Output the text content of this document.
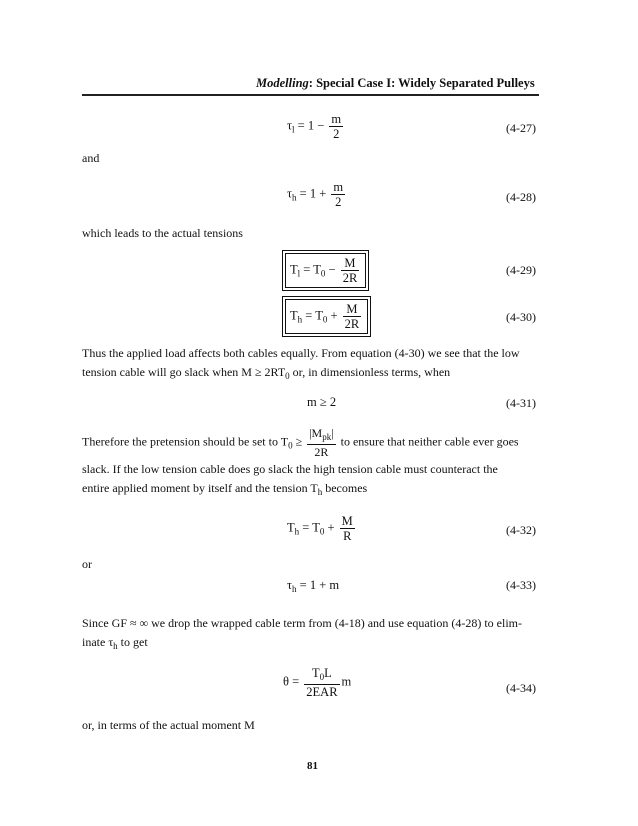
Modelling: Special Case I: Widely Separated Pulleys
$\tau_l = 1 - \frac{m}{2}$	(4-27)
and
$\tau_h = 1 + \frac{m}{2}$	(4-28)
which leads to the actual tensions
$T_l = T_0 - \frac{M}{2R}$	(4-29)
$T_h = T_0 + \frac{M}{2R}$	(4-30)
Thus the applied load affects both cables equally. From equation (4-30) we see that the low
tension cable will go slack when $M \ge 2RT_0$ or, in dimensionless terms, when
m ≥ 2	(4-31)
Therefore the pretension should be set to $T_0 \ge \frac{|M_{pk}|}{2R}$ to ensure that neither cable ever goes
slack. If the low tension cable does go slack the high tension cable must counteract the
entire applied moment by itself and the tension $T_h$ becomes
$T_h = T_0 + \frac{M}{R}$	(4-32)
or
$\tau_h = 1 + m$	(4-33)
Since GF ≈ ∞ we drop the wrapped cable term from (4-18) and use equation (4-28) to elim-
inate $\tau_h$ to get
$\theta = \frac{T_0L}{\text{2EAR}}$ m	(4-34)
or, in terms of the actual moment M
81
